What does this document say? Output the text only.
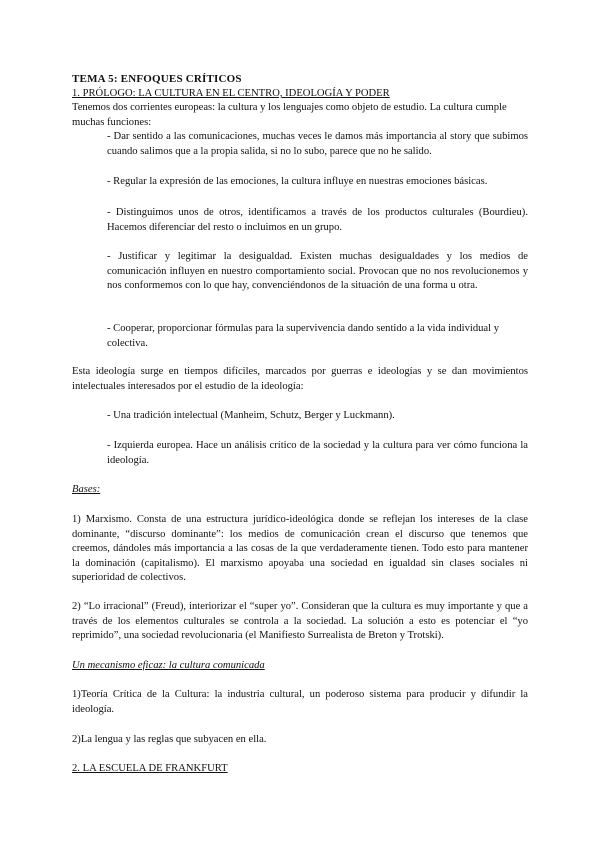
TEMA 5: ENFOQUES CRÍTICOS

1. PRÓLOGO: LA CULTURA EN EL CENTRO, IDEOLOGÍA Y PODER

Tenemos dos corrientes europeas: la cultura y los lenguajes como objeto de estudio. La cultura cumple muchas funciones:

- Dar sentido a las comunicaciones, muchas veces le damos más importancia al story que subimos cuando salimos que a la propia salida, si no lo subo, parece que no he salido.

- Regular la expresión de las emociones, la cultura influye en nuestras emociones básicas.

- Distinguimos unos de otros, identificamos a través de los productos culturales (Bourdieu). Hacemos diferenciar del resto o incluimos en un grupo.

- Justificar y legitimar la desigualdad. Existen muchas desigualdades y los medios de comunicación influyen en nuestro comportamiento social. Provocan que no nos revolucionemos y nos conformemos con lo que hay, convenciéndonos de la situación de una forma u otra.

- Cooperar, proporcionar fórmulas para la supervivencia dando sentido a la vida individual y colectiva.

Esta ideología surge en tiempos difíciles, marcados por guerras e ideologías y se dan movimientos intelectuales interesados por el estudio de la ideología:

- Una tradición intelectual (Manheim, Schutz, Berger y Luckmann).

- Izquierda europea. Hace un análisis crítico de la sociedad y la cultura para ver cómo funciona la ideología.

Bases:

1) Marxismo. Consta de una estructura jurídico-ideológica donde se reflejan los intereses de la clase dominante, “discurso dominante”: los medios de comunicación crean el discurso que tenemos que creemos, dándoles más importancia a las cosas de la que verdaderamente tienen. Todo esto para mantener la dominación (capitalismo). El marxismo apoyaba una sociedad en igualdad sin clases sociales ni superioridad de colectivos.

2) “Lo irracional” (Freud), interiorizar el “super yo”. Consideran que la cultura es muy importante y que a través de los elementos culturales se controla a la sociedad. La solución a esto es potenciar el “yo reprimido”, una sociedad revolucionaria (el Manifiesto Surrealista de Breton y Trotski).

Un mecanismo eficaz: la cultura comunicada

1)Teoría Crítica de la Cultura: la industria cultural, un poderoso sistema para producir y difundir la ideología.

2)La lengua y las reglas que subyacen en ella.

2. LA ESCUELA DE FRANKFURT
